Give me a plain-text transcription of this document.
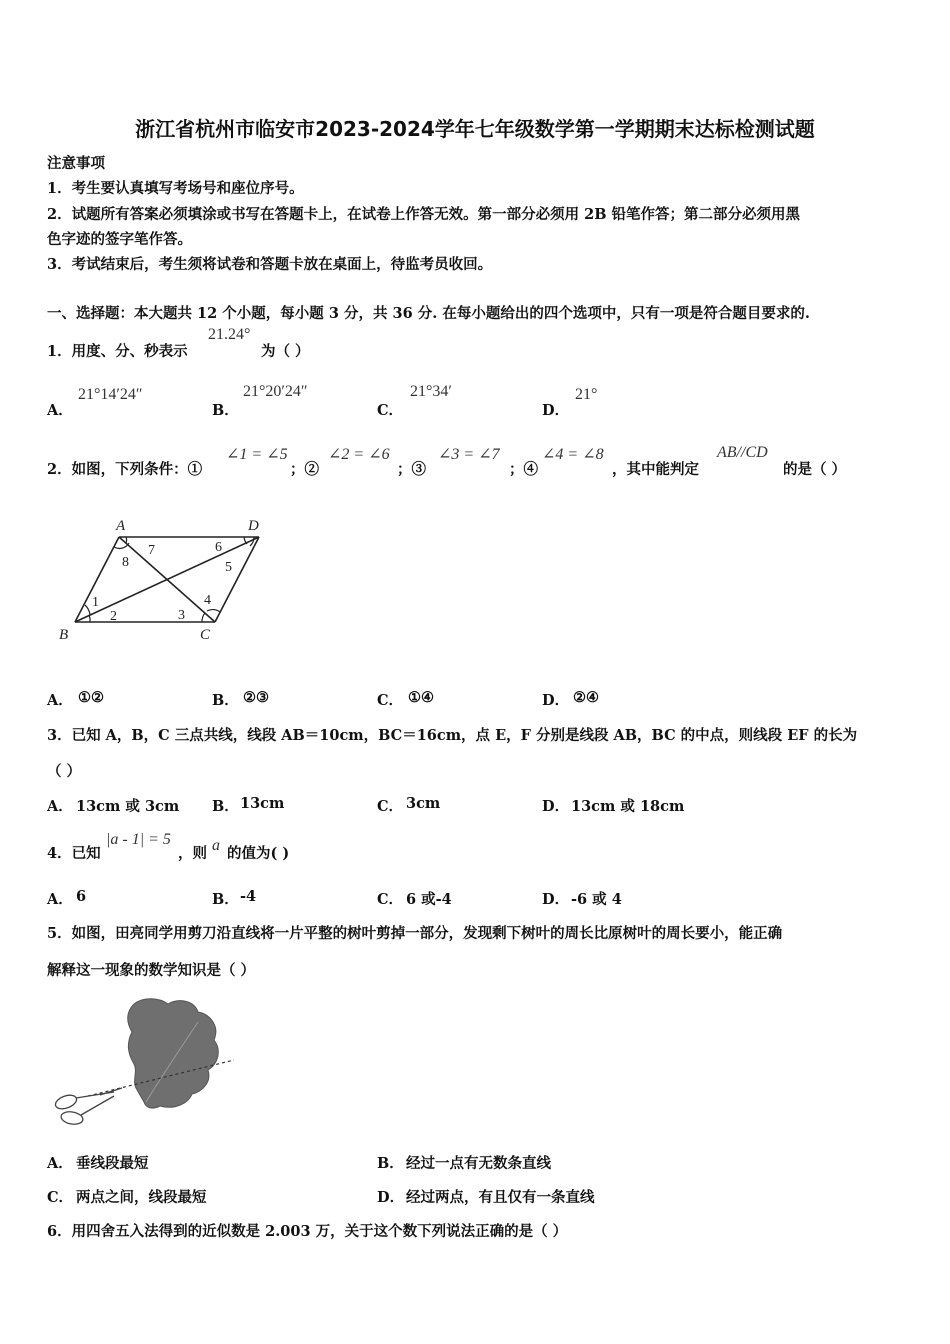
浙江省杭州市临安市2023-2024学年七年级数学第一学期期末达标检测试题
注意事项
1．考生要认真填写考场号和座位序号。
2．试题所有答案必须填涂或书写在答题卡上，在试卷上作答无效。第一部分必须用 2B 铅笔作答；第二部分必须用黑
色字迹的签字笔作答。
3．考试结束后，考生须将试卷和答题卡放在桌面上，待监考员收回。
一、选择题：本大题共 12 个小题，每小题 3 分，共 36 分. 在每小题给出的四个选项中，只有一项是符合题目要求的.
1．用度、分、秒表示
21.24°
为（ ）
A．
21°14′24″
B．
21°20′24″
C．
21°34′
D．
21°
2．如图，下列条件：①
∠1 = ∠5
；②
∠2 = ∠6
；③
∠3 = ∠7
；④
∠4 = ∠8
，其中能判定
AB//CD
的是（ ）
A	D
B	C
1
2	3
4
5
6
7
8
A． ①②	B． ②③	C． ①④	D． ②④
3．已知 A，B，C 三点共线，线段 AB＝10cm，BC＝16cm，点 E，F 分别是线段 AB，BC 的中点，则线段 EF 的长为
（ ）
A． 13cm 或 3cm B． 13cm	C． 3cm	D． 13cm 或 18cm
4．已知
|a - 1| = 5
，则 a 的值为( )
A． 6	B． -4	C． 6 或-4	D． -6 或 4
5．如图，田亮同学用剪刀沿直线将一片平整的树叶剪掉一部分，发现剩下树叶的周长比原树叶的周长要小，能正确
解释这一现象的数学知识是（ ）
A． 垂线段最短	B． 经过一点有无数条直线
C． 两点之间，线段最短	D． 经过两点，有且仅有一条直线
6．用四舍五入法得到的近似数是 2.003 万，关于这个数下列说法正确的是（ ）
